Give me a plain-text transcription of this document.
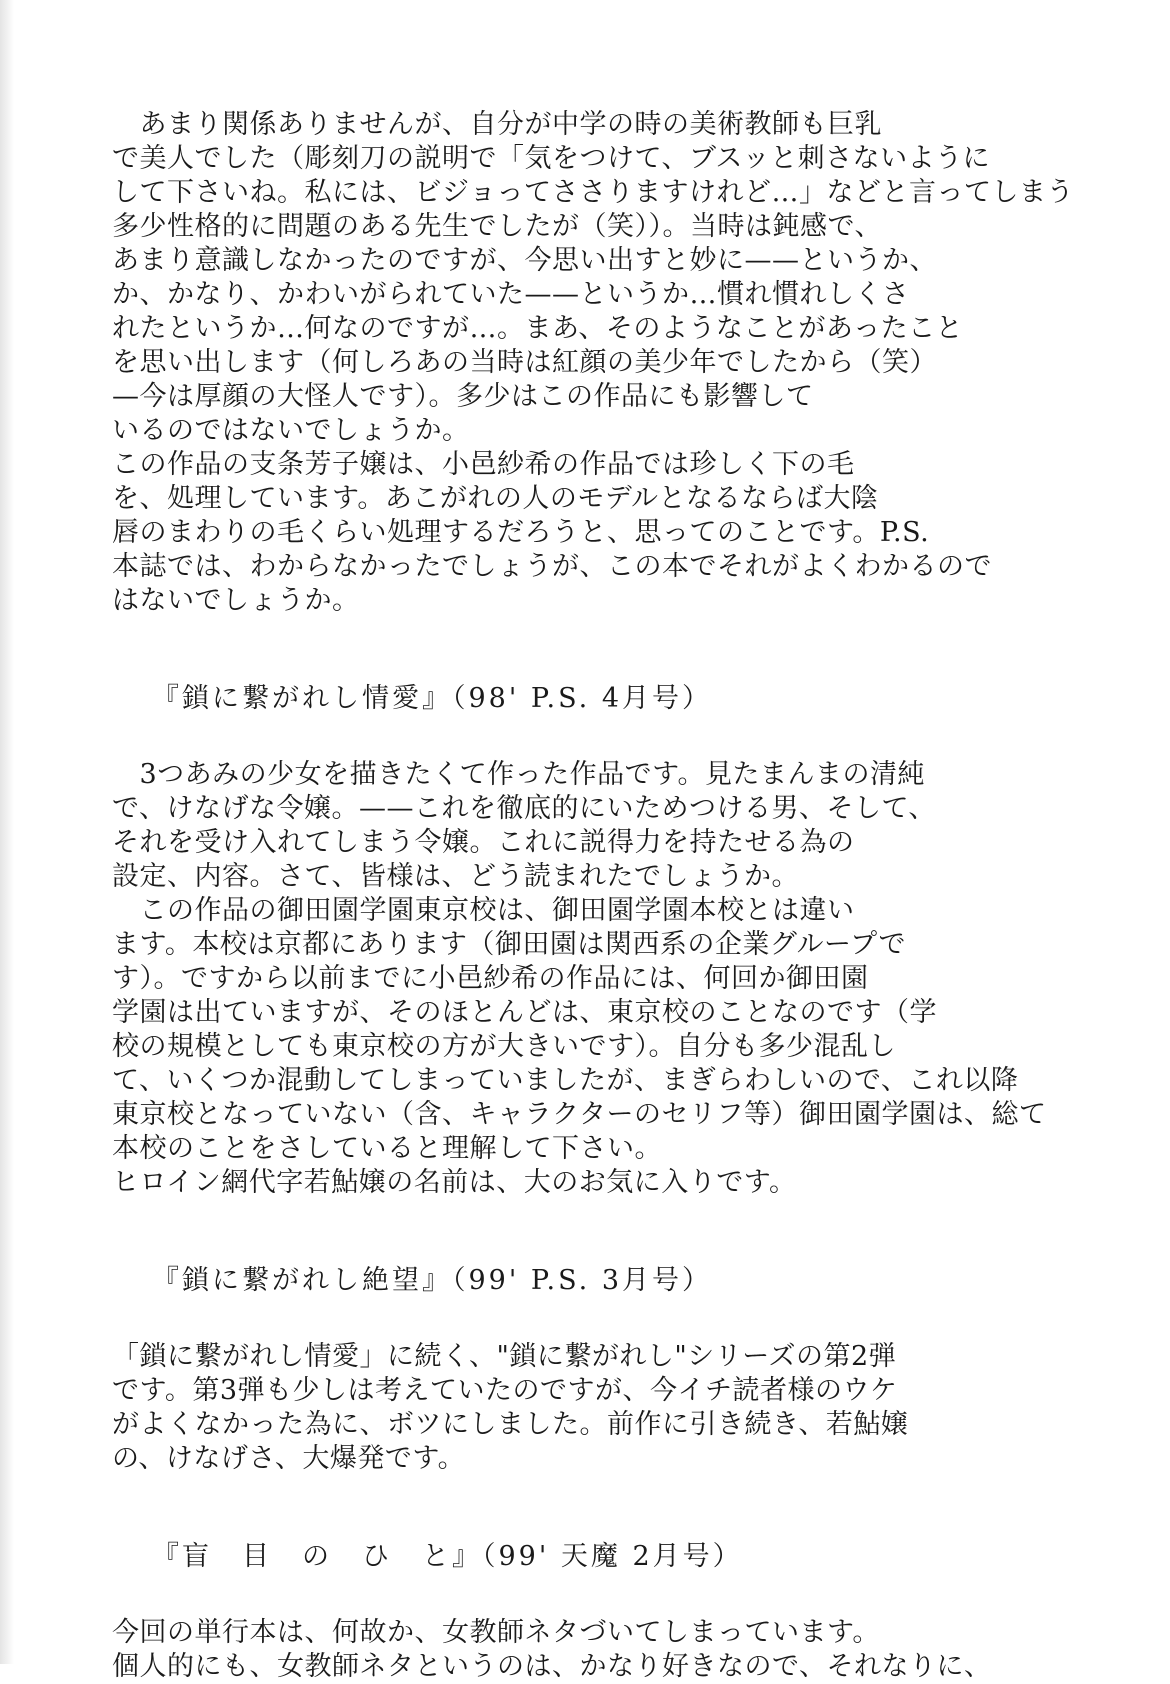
　あまり関係ありませんが、自分が中学の時の美術教師も巨乳
で美人でした（彫刻刀の説明で「気をつけて、ブスッと刺さないように
して下さいね。私には、ビジョってささりますけれど…」などと言ってしまう
多少性格的に問題のある先生でしたが（笑））。当時は鈍感で、
あまり意識しなかったのですが、今思い出すと妙に——というか、
か、かなり、かわいがられていた——というか…慣れ慣れしくさ
れたというか…何なのですが…。まあ、そのようなことがあったこと
を思い出します（何しろあの当時は紅顔の美少年でしたから（笑）
—今は厚顔の大怪人です）。多少はこの作品にも影響して
いるのではないでしょうか。
この作品の支条芳子嬢は、小邑紗希の作品では珍しく下の毛
を、処理しています。あこがれの人のモデルとなるならば大陰
唇のまわりの毛くらい処理するだろうと、思ってのことです。P.S.
本誌では、わからなかったでしょうが、この本でそれがよくわかるので
はないでしょうか。
『鎖に繋がれし情愛』（98' P.S. 4月号）
　3つあみの少女を描きたくて作った作品です。見たまんまの清純
で、けなげな令嬢。——これを徹底的にいためつける男、そして、
それを受け入れてしまう令嬢。これに説得力を持たせる為の
設定、内容。さて、皆様は、どう読まれたでしょうか。
　この作品の御田園学園東京校は、御田園学園本校とは違い
ます。本校は京都にあります（御田園は関西系の企業グループで
す）。ですから以前までに小邑紗希の作品には、何回か御田園
学園は出ていますが、そのほとんどは、東京校のことなのです（学
校の規模としても東京校の方が大きいです）。自分も多少混乱し
て、いくつか混動してしまっていましたが、まぎらわしいので、これ以降
東京校となっていない（含、キャラクターのセリフ等）御田園学園は、総て
本校のことをさしていると理解して下さい。
ヒロイン網代字若鮎嬢の名前は、大のお気に入りです。
『鎖に繋がれし絶望』（99' P.S. 3月号）
「鎖に繋がれし情愛」に続く、"鎖に繋がれし"シリーズの第2弾
です。第3弾も少しは考えていたのですが、今イチ読者様のウケ
がよくなかった為に、ボツにしました。前作に引き続き、若鮎嬢
の、けなげさ、大爆発です。
『盲　目　の　ひ　と』（99' 天魔 2月号）
今回の単行本は、何故か、女教師ネタづいてしまっています。
個人的にも、女教師ネタというのは、かなり好きなので、それなりに、
